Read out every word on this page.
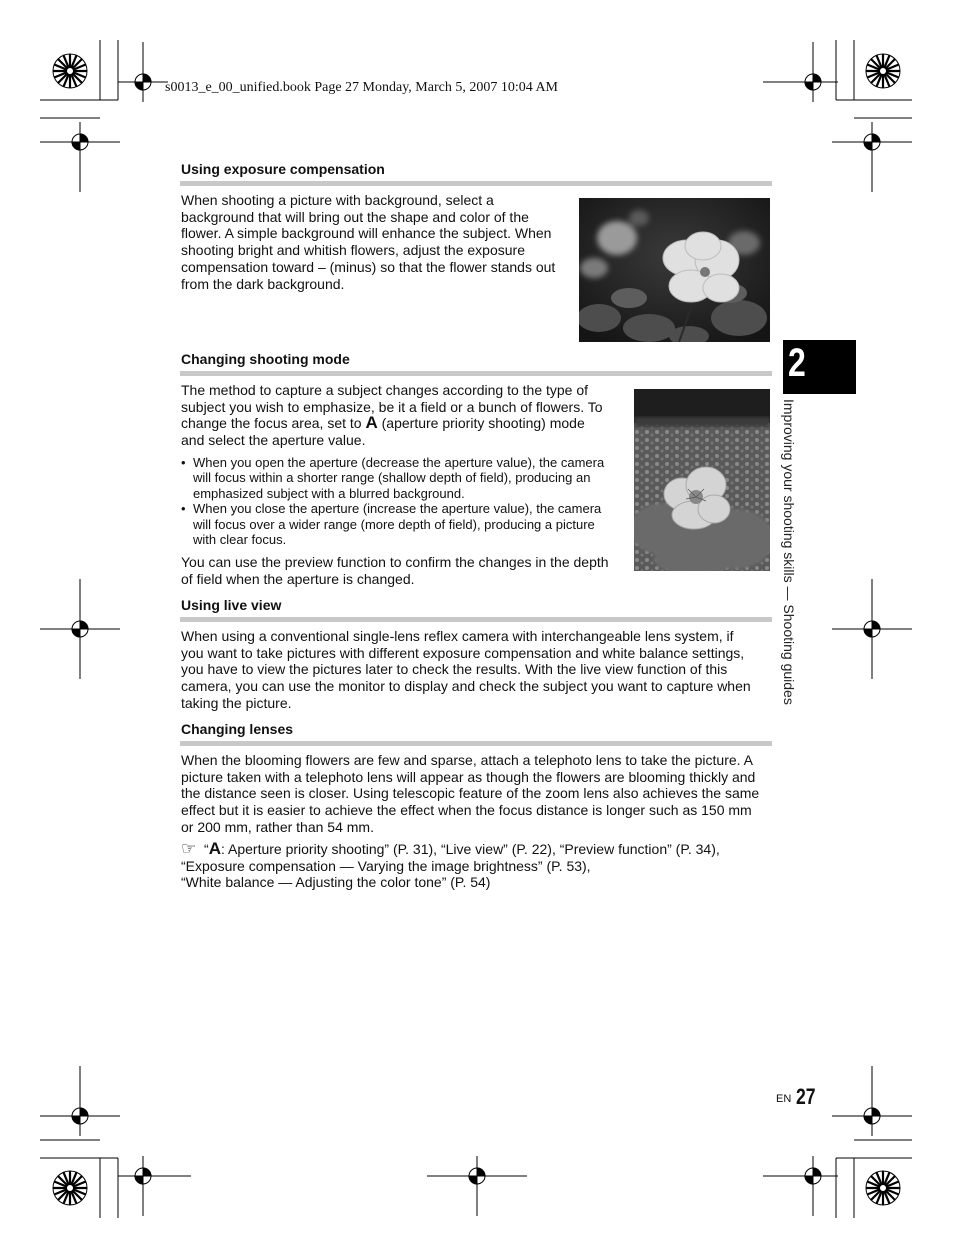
s0013_e_00_unified.book Page 27 Monday, March 5, 2007 10:04 AM
Using exposure compensation
When shooting a picture with background, select a
background that will bring out the shape and color of the
flower. A simple background will enhance the subject. When
shooting bright and whitish flowers, adjust the exposure
compensation toward – (minus) so that the flower stands out
from the dark background.
Changing shooting mode
The method to capture a subject changes according to the type of
subject you wish to emphasize, be it a field or a bunch of flowers. To
change the focus area, set to A (aperture priority shooting) mode
and select the aperture value.
• When you open the aperture (decrease the aperture value), the camera will focus within a shorter range (shallow depth of field), producing an emphasized subject with a blurred background.
• When you close the aperture (increase the aperture value), the camera will focus over a wider range (more depth of field), producing a picture with clear focus.
You can use the preview function to confirm the changes in the depth
of field when the aperture is changed.
Using live view
When using a conventional single-lens reflex camera with interchangeable lens system, if
you want to take pictures with different exposure compensation and white balance settings,
you have to view the pictures later to check the results. With the live view function of this
camera, you can use the monitor to display and check the subject you want to capture when
taking the picture.
Changing lenses
When the blooming flowers are few and sparse, attach a telephoto lens to take the picture. A
picture taken with a telephoto lens will appear as though the flowers are blooming thickly and
the distance seen is closer. Using telescopic feature of the zoom lens also achieves the same
effect but it is easier to achieve the effect when the focus distance is longer such as 150 mm
or 200 mm, rather than 54 mm.
☞ “A: Aperture priority shooting” (P. 31), “Live view” (P. 22), “Preview function” (P. 34),
“Exposure compensation — Varying the image brightness” (P. 53),
“White balance — Adjusting the color tone” (P. 54)
2
Improving your shooting skills — Shooting guides
EN 27
